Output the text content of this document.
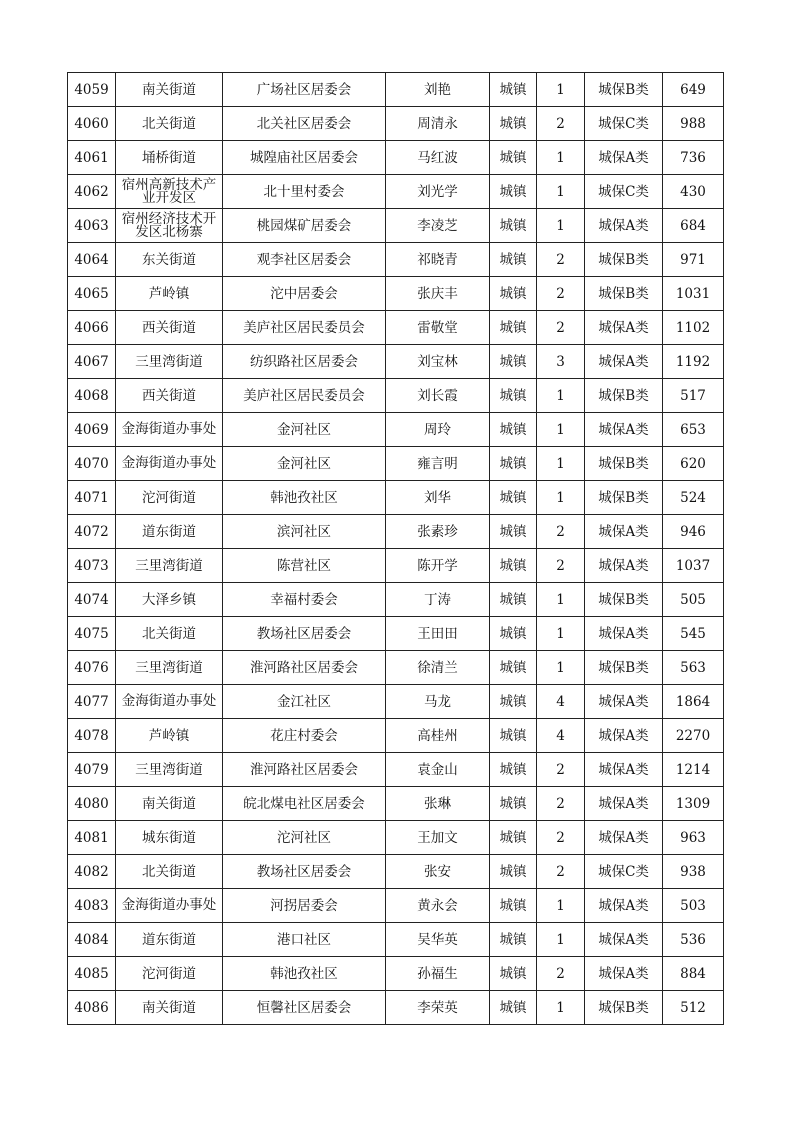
4059	南关街道	广场社区居委会	刘艳	城镇	1	城保B类	649
4060	北关街道	北关社区居委会	周清永	城镇	2	城保C类	988
4061	埇桥街道	城隍庙社区居委会	马红波	城镇	1	城保A类	736
4062	宿州高新技术产业开发区	北十里村委会	刘光学	城镇	1	城保C类	430
4063	宿州经济技术开发区北杨寨	桃园煤矿居委会	李凌芝	城镇	1	城保A类	684
4064	东关街道	观李社区居委会	祁晓青	城镇	2	城保B类	971
4065	芦岭镇	沱中居委会	张庆丰	城镇	2	城保B类	1031
4066	西关街道	美庐社区居民委员会	雷敬堂	城镇	2	城保A类	1102
4067	三里湾街道	纺织路社区居委会	刘宝林	城镇	3	城保A类	1192
4068	西关街道	美庐社区居民委员会	刘长霞	城镇	1	城保B类	517
4069	金海街道办事处	金河社区	周玲	城镇	1	城保A类	653
4070	金海街道办事处	金河社区	雍言明	城镇	1	城保B类	620
4071	沱河街道	韩池孜社区	刘华	城镇	1	城保B类	524
4072	道东街道	滨河社区	张素珍	城镇	2	城保A类	946
4073	三里湾街道	陈营社区	陈开学	城镇	2	城保A类	1037
4074	大泽乡镇	幸福村委会	丁涛	城镇	1	城保B类	505
4075	北关街道	教场社区居委会	王田田	城镇	1	城保A类	545
4076	三里湾街道	淮河路社区居委会	徐清兰	城镇	1	城保B类	563
4077	金海街道办事处	金江社区	马龙	城镇	4	城保A类	1864
4078	芦岭镇	花庄村委会	高桂州	城镇	4	城保A类	2270
4079	三里湾街道	淮河路社区居委会	袁金山	城镇	2	城保A类	1214
4080	南关街道	皖北煤电社区居委会	张琳	城镇	2	城保A类	1309
4081	城东街道	沱河社区	王加文	城镇	2	城保A类	963
4082	北关街道	教场社区居委会	张安	城镇	2	城保C类	938
4083	金海街道办事处	河拐居委会	黄永会	城镇	1	城保A类	503
4084	道东街道	港口社区	吴华英	城镇	1	城保A类	536
4085	沱河街道	韩池孜社区	孙福生	城镇	2	城保A类	884
4086	南关街道	恒馨社区居委会	李荣英	城镇	1	城保B类	512
